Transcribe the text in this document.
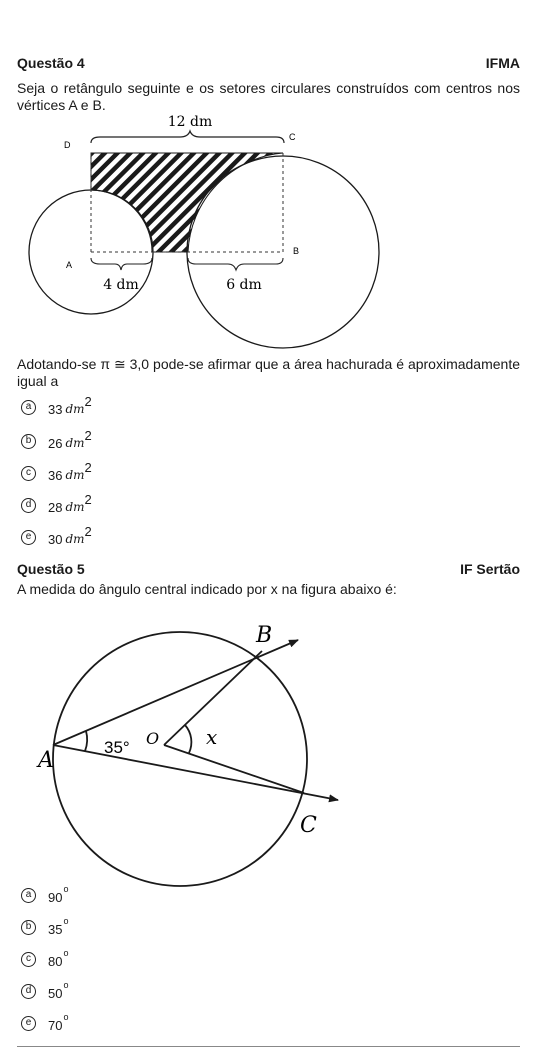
Questão 4	IFMA
Seja o retângulo seguinte e os setores circulares construídos com centros nos vértices A e B.
12 dm
D
C
A
B
4 dm	6 dm
Adotando-se π ≅ 3,0 pode-se afirmar que a área hachurada é aproximadamente igual a
a	33 dm 2
b	26 dm 2
c	36 dm 2
d	28 dm 2
e	30 dm 2
Questão 5	IF Sertão
A medida do ângulo central indicado por x na figura abaixo é:
A
B
C
O x
35°
a	90
o
b	35
o
c	80
o
d	50
o
e	70
o
